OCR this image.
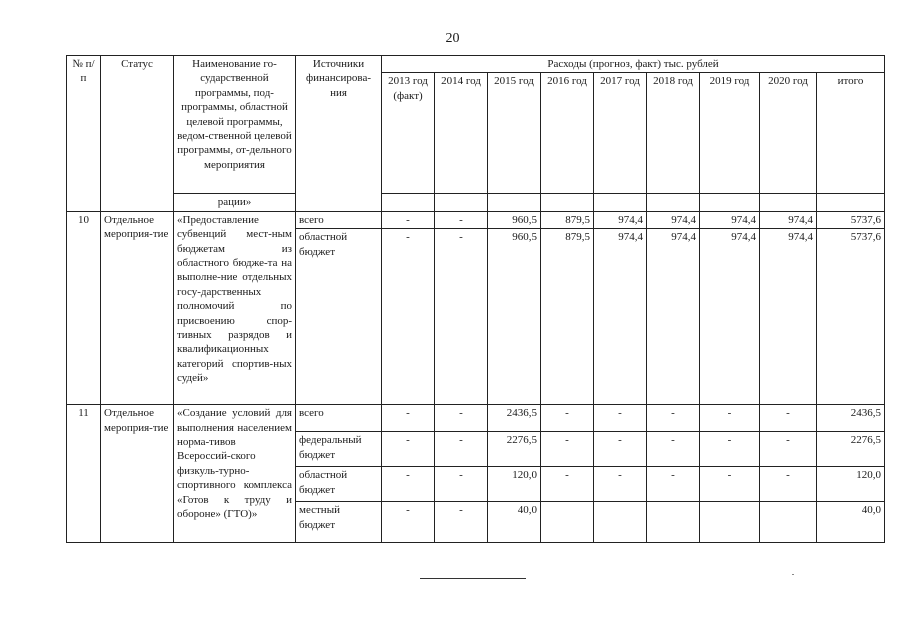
20
№ п/п	Статус	Наименование го-сударственной программы, под-программы, областной целевой программы, ведом-ственной целевой программы, от-дельного мероприятия	Источники финансирова-ния	Расходы (прогноз, факт) тыс. рублей								
				2013 год (факт)	2014 год	2015 год	2016 год	2017 год	2018 год	2019 год	2020 год	итого
		рации»										
10	Отдельное мероприя-тие	«Предоставление субвенций мест-ным бюджетам из областного бюдже-та на выполне-ние отдельных госу-дарственных полномочий по присвоению спор-тивных разрядов и квалификационных категорий спортив-ных судей»	всего	-	-	960,5	879,5	974,4	974,4	974,4	974,4	5737,6
			областной бюджет	-	-	960,5	879,5	974,4	974,4	974,4	974,4	5737,6
11	Отдельное мероприя-тие	«Создание условий для выполнения населением норма-тивов Всероссий-ского физкуль-турно-спортивного комплекса «Готов к труду и обороне» (ГТО)»	всего	-	-	2436,5	-	-	-	-	-	2436,5
			федеральный бюджет	-	-	2276,5	-	-	-	-	-	2276,5
			областной бюджет	-	-	120,0	-	-	-	-	-	120,0
			местный бюджет	-	-	40,0						40,0
